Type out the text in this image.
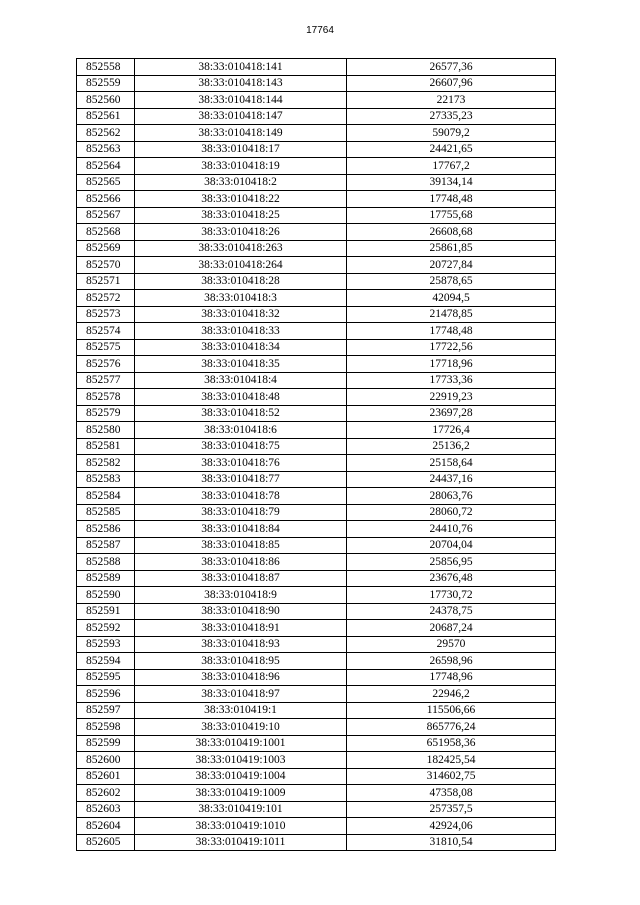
17764
852558	38:33:010418:141	26577,36
852559	38:33:010418:143	26607,96
852560	38:33:010418:144	22173
852561	38:33:010418:147	27335,23
852562	38:33:010418:149	59079,2
852563	38:33:010418:17	24421,65
852564	38:33:010418:19	17767,2
852565	38:33:010418:2	39134,14
852566	38:33:010418:22	17748,48
852567	38:33:010418:25	17755,68
852568	38:33:010418:26	26608,68
852569	38:33:010418:263	25861,85
852570	38:33:010418:264	20727,84
852571	38:33:010418:28	25878,65
852572	38:33:010418:3	42094,5
852573	38:33:010418:32	21478,85
852574	38:33:010418:33	17748,48
852575	38:33:010418:34	17722,56
852576	38:33:010418:35	17718,96
852577	38:33:010418:4	17733,36
852578	38:33:010418:48	22919,23
852579	38:33:010418:52	23697,28
852580	38:33:010418:6	17726,4
852581	38:33:010418:75	25136,2
852582	38:33:010418:76	25158,64
852583	38:33:010418:77	24437,16
852584	38:33:010418:78	28063,76
852585	38:33:010418:79	28060,72
852586	38:33:010418:84	24410,76
852587	38:33:010418:85	20704,04
852588	38:33:010418:86	25856,95
852589	38:33:010418:87	23676,48
852590	38:33:010418:9	17730,72
852591	38:33:010418:90	24378,75
852592	38:33:010418:91	20687,24
852593	38:33:010418:93	29570
852594	38:33:010418:95	26598,96
852595	38:33:010418:96	17748,96
852596	38:33:010418:97	22946,2
852597	38:33:010419:1	115506,66
852598	38:33:010419:10	865776,24
852599	38:33:010419:1001	651958,36
852600	38:33:010419:1003	182425,54
852601	38:33:010419:1004	314602,75
852602	38:33:010419:1009	47358,08
852603	38:33:010419:101	257357,5
852604	38:33:010419:1010	42924,06
852605	38:33:010419:1011	31810,54
